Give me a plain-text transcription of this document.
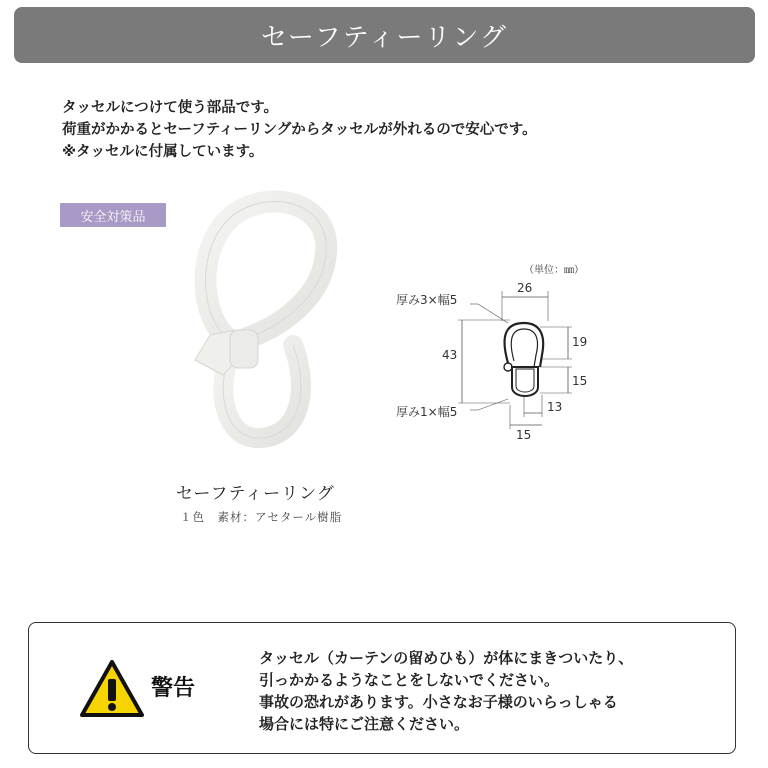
セーフティーリング
タッセルにつけて使う部品です。
荷重がかかるとセーフティーリングからタッセルが外れるので安心です。
※タッセルに付属しています。
安全対策品
セーフティーリング
１色　素材：アセタール樹脂
（単位：㎜）
厚み3×幅5
厚み1×幅5
26
43
19
15
13
15
警告
タッセル（カーテンの留めひも）が体にまきついたり、
引っかかるようなことをしないでください。
事故の恐れがあります。小さなお子様のいらっしゃる
場合には特にご注意ください。
